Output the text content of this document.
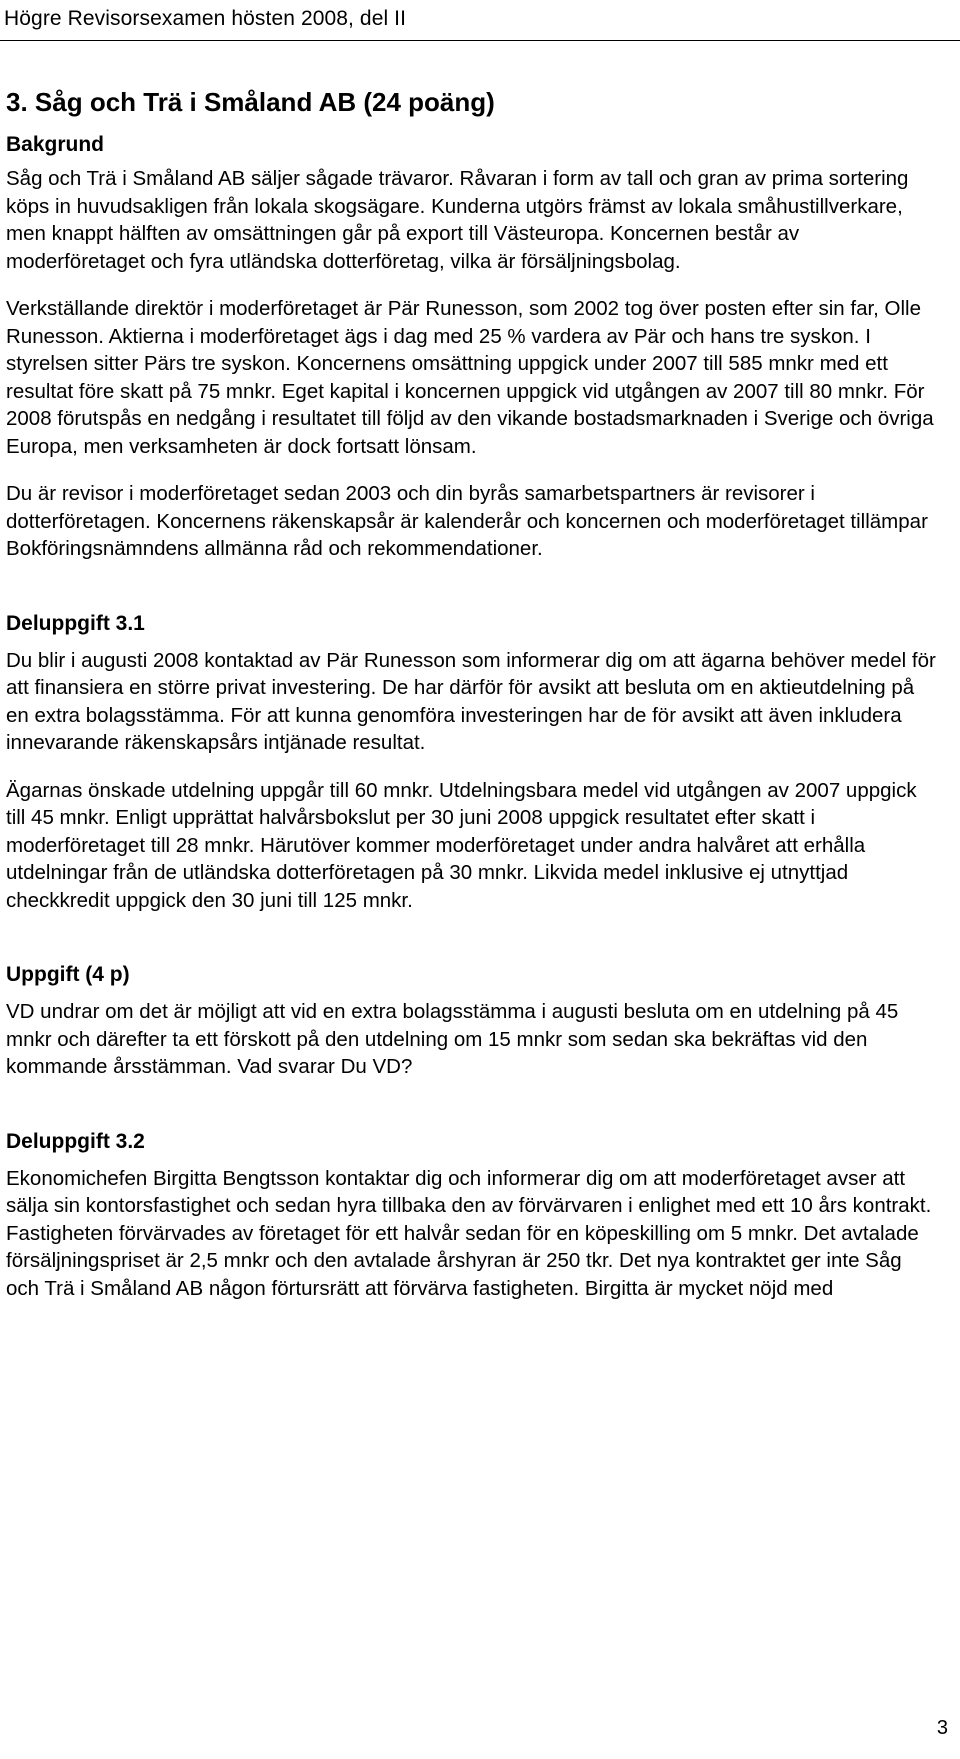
Högre Revisorsexamen hösten 2008, del II
3. Såg och Trä i Småland AB (24 poäng)
Bakgrund

Såg och Trä i Småland AB säljer sågade trävaror. Råvaran i form av tall och gran av prima sortering köps in huvudsakligen från lokala skogsägare. Kunderna utgörs främst av lokala småhustillverkare, men knappt hälften av omsättningen går på export till Västeuropa. Koncernen består av moderföretaget och fyra utländska dotterföretag, vilka är försäljningsbolag.

Verkställande direktör i moderföretaget är Pär Runesson, som 2002 tog över posten efter sin far, Olle Runesson. Aktierna i moderföretaget ägs i dag med 25 % vardera av Pär och hans tre syskon. I styrelsen sitter Pärs tre syskon. Koncernens omsättning uppgick under 2007 till 585 mnkr med ett resultat före skatt på 75 mnkr. Eget kapital i koncernen uppgick vid utgången av 2007 till 80 mnkr. För 2008 förutspås en nedgång i resultatet till följd av den vikande bostadsmarknaden i Sverige och övriga Europa, men verksamheten är dock fortsatt lönsam.

Du är revisor i moderföretaget sedan 2003 och din byrås samarbetspartners är revisorer i dotterföretagen. Koncernens räkenskapsår är kalenderår och koncernen och moderföretaget tillämpar Bokföringsnämndens allmänna råd och rekommendationer.

Deluppgift 3.1

Du blir i augusti 2008 kontaktad av Pär Runesson som informerar dig om att ägarna behöver medel för att finansiera en större privat investering. De har därför för avsikt att besluta om en aktieutdelning på en extra bolagsstämma. För att kunna genomföra investeringen har de för avsikt att även inkludera innevarande räkenskapsårs intjänade resultat.

Ägarnas önskade utdelning uppgår till 60 mnkr. Utdelningsbara medel vid utgången av 2007 uppgick till 45 mnkr. Enligt upprättat halvårsbokslut per 30 juni 2008 uppgick resultatet efter skatt i moderföretaget till 28 mnkr. Härutöver kommer moderföretaget under andra halvåret att erhålla utdelningar från de utländska dotterföretagen på 30 mnkr. Likvida medel inklusive ej utnyttjad checkkredit uppgick den 30 juni till 125 mnkr.

Uppgift (4 p)

VD undrar om det är möjligt att vid en extra bolagsstämma i augusti besluta om en utdelning på 45 mnkr och därefter ta ett förskott på den utdelning om 15 mnkr som sedan ska bekräftas vid den kommande årsstämman. Vad svarar Du VD?

Deluppgift 3.2

Ekonomichefen Birgitta Bengtsson kontaktar dig och informerar dig om att moderföretaget avser att sälja sin kontorsfastighet och sedan hyra tillbaka den av förvärvaren i enlighet med ett 10 års kontrakt. Fastigheten förvärvades av företaget för ett halvår sedan för en köpeskilling om 5 mnkr. Det avtalade försäljningspriset är 2,5 mnkr och den avtalade årshyran är 250 tkr. Det nya kontraktet ger inte Såg och Trä i Småland AB någon förtursrätt att förvärva fastigheten. Birgitta är mycket nöjd med

3
